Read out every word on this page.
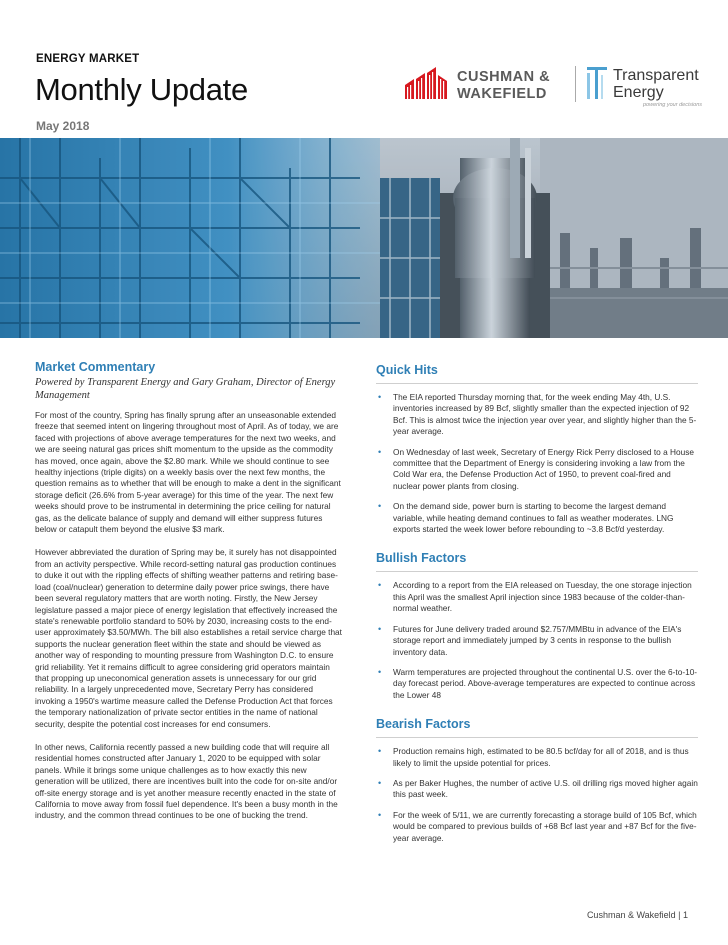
ENERGY MARKET
Monthly Update
May 2018
CUSHMAN &
WAKEFIELD
Transparent
Energy
powering your decisions
Market Commentary
Powered by Transparent Energy and Gary Graham, Director of Energy Management

For most of the country, Spring has finally sprung after an unseasonable extended freeze that seemed intent on lingering throughout most of April. As of today, we are faced with projections of above average temperatures for the next two weeks, and we are seeing natural gas prices shift momentum to the upside as the commodity has moved, once again, above the $2.80 mark. While we should continue to see healthy injections (triple digits) on a weekly basis over the next few months, the question remains as to whether that will be enough to make a dent in the significant storage deficit (26.6% from 5-year average) for this time of the year. The next few weeks should prove to be instrumental in determining the price ceiling for natural gas, as the delicate balance of supply and demand will either suppress futures below or catapult them beyond the elusive $3 mark.

However abbreviated the duration of Spring may be, it surely has not disappointed from an activity perspective. While record-setting natural gas production continues to duke it out with the rippling effects of shifting weather patterns and retiring base-load (coal/nuclear) generation to determine daily power price swings, there have been several regulatory matters that are worth noting. Firstly, the New Jersey legislature passed a major piece of energy legislation that effectively increased the state's renewable portfolio standard to 50% by 2030, increasing costs to the end-user approximately $3.50/MWh. The bill also establishes a retail service charge that supports the nuclear generation fleet within the state and should be viewed as another way of responding to mounting pressure from Washington D.C. to ensure grid reliability. Yet it remains difficult to agree considering grid operators maintain that propping up uneconomical generation assets is unnecessary for our grid reliability. In a largely unprecedented move, Secretary Perry has considered invoking a 1950's wartime measure called the Defense Production Act that forces the temporary nationalization of private sector entities in the name of national security, despite the potential cost increases for end consumers.

In other news, California recently passed a new building code that will require all residential homes constructed after January 1, 2020 to be equipped with solar panels. While it brings some unique challenges as to how exactly this new generation will be utilized, there are incentives built into the code for on-site and/or off-site energy storage and is yet another measure recently enacted in the state of California to move away from fossil fuel dependence. It's been a busy month in the industry, and the common thread continues to be one of bucking the trend.

Quick Hits
• The EIA reported Thursday morning that, for the week ending May 4th, U.S. inventories increased by 89 Bcf, slightly smaller than the expected injection of 92 Bcf. This is almost twice the injection year over year, and slightly higher than the 5-year average.
• On Wednesday of last week, Secretary of Energy Rick Perry disclosed to a House committee that the Department of Energy is considering invoking a law from the Cold War era, the Defense Production Act of 1950, to prevent coal-fired and nuclear power plants from closing.
• On the demand side, power burn is starting to become the largest demand variable, while heating demand continues to fall as weather moderates. LNG exports started the week lower before rebounding to ~3.8 Bcf/d yesterday.
Bullish Factors
• According to a report from the EIA released on Tuesday, the one storage injection this April was the smallest April injection since 1983 because of the colder-than-normal weather.
• Futures for June delivery traded around $2.757/MMBtu in advance of the EIA's storage report and immediately jumped by 3 cents in response to the bullish inventory data.
• Warm temperatures are projected throughout the continental U.S. over the 6-to-10-day forecast period. Above-average temperatures are expected to continue across the Lower 48
Bearish Factors
• Production remains high, estimated to be 80.5 bcf/day for all of 2018, and is thus likely to limit the upside potential for prices.
• As per Baker Hughes, the number of active U.S. oil drilling rigs moved higher again this past week.
• For the week of 5/11, we are currently forecasting a storage build of 105 Bcf, which would be compared to previous builds of +68 Bcf last year and +87 Bcf for the five-year average.
Cushman & Wakefield | 1
